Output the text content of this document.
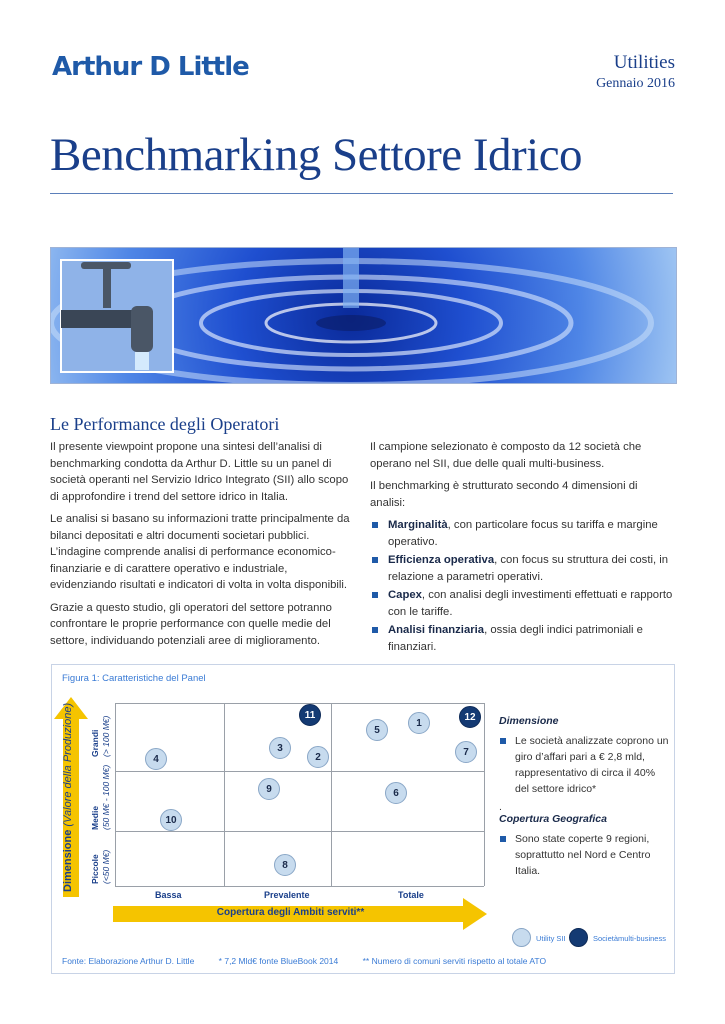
Arthur D Little	Utilities
Gennaio 2016
Benchmarking Settore Idrico
Le Performance degli Operatori

Il presente viewpoint propone una sintesi dell’analisi di benchmarking condotta da Arthur D. Little su un panel di società operanti nel Servizio Idrico Integrato (SII) allo scopo di approfondire i trend del settore idrico in Italia.

Le analisi si basano su informazioni tratte principalmente da bilanci depositati e altri documenti societari pubblici. L’indagine comprende analisi di performance economico-finanziarie e di carattere operativo e industriale, evidenziando risultati e indicatori di volta in volta disponibili.

Grazie a questo studio, gli operatori del settore potranno confrontare le proprie performance con quelle medie del settore, individuando potenziali aree di miglioramento.

Il campione selezionato è composto da 12 società che operano nel SII, due delle quali multi-business.

Il benchmarking è strutturato secondo 4 dimensioni di analisi:

Marginalità, con particolare focus su tariffa e margine operativo.
Efficienza operativa, con focus su struttura dei costi, in relazione a parametri operativi.
Capex, con analisi degli investimenti effettuati e rapporto con le tariffe.
Analisi finanziaria, ossia degli indici patrimoniali e finanziari.
Figura 1: Caratteristiche del Panel
Dimensione (Valore della Produzione) Grandi (> 100 M€)
Medie (50 M€ - 100 M€)
Piccole (<50 M€)
11	12
5
1
7
3
2
4
9	6
10
8
Bassa	Prevalente	Totale
Copertura degli Ambiti serviti**
Dimensione
Le società analizzate coprono un giro d’affari pari a € 2,8 mld, rappresentativo di circa il 40% del settore idrico*
.
Copertura Geografica
Sono state coperte 9 regioni, soprattutto nel Nord e Centro Italia.
Utility SII	Societàmulti-business
Fonte: Elaborazione Arthur D. Little	* 7,2 Mld€ fonte BlueBook 2014	** Numero di comuni serviti rispetto al totale ATO
